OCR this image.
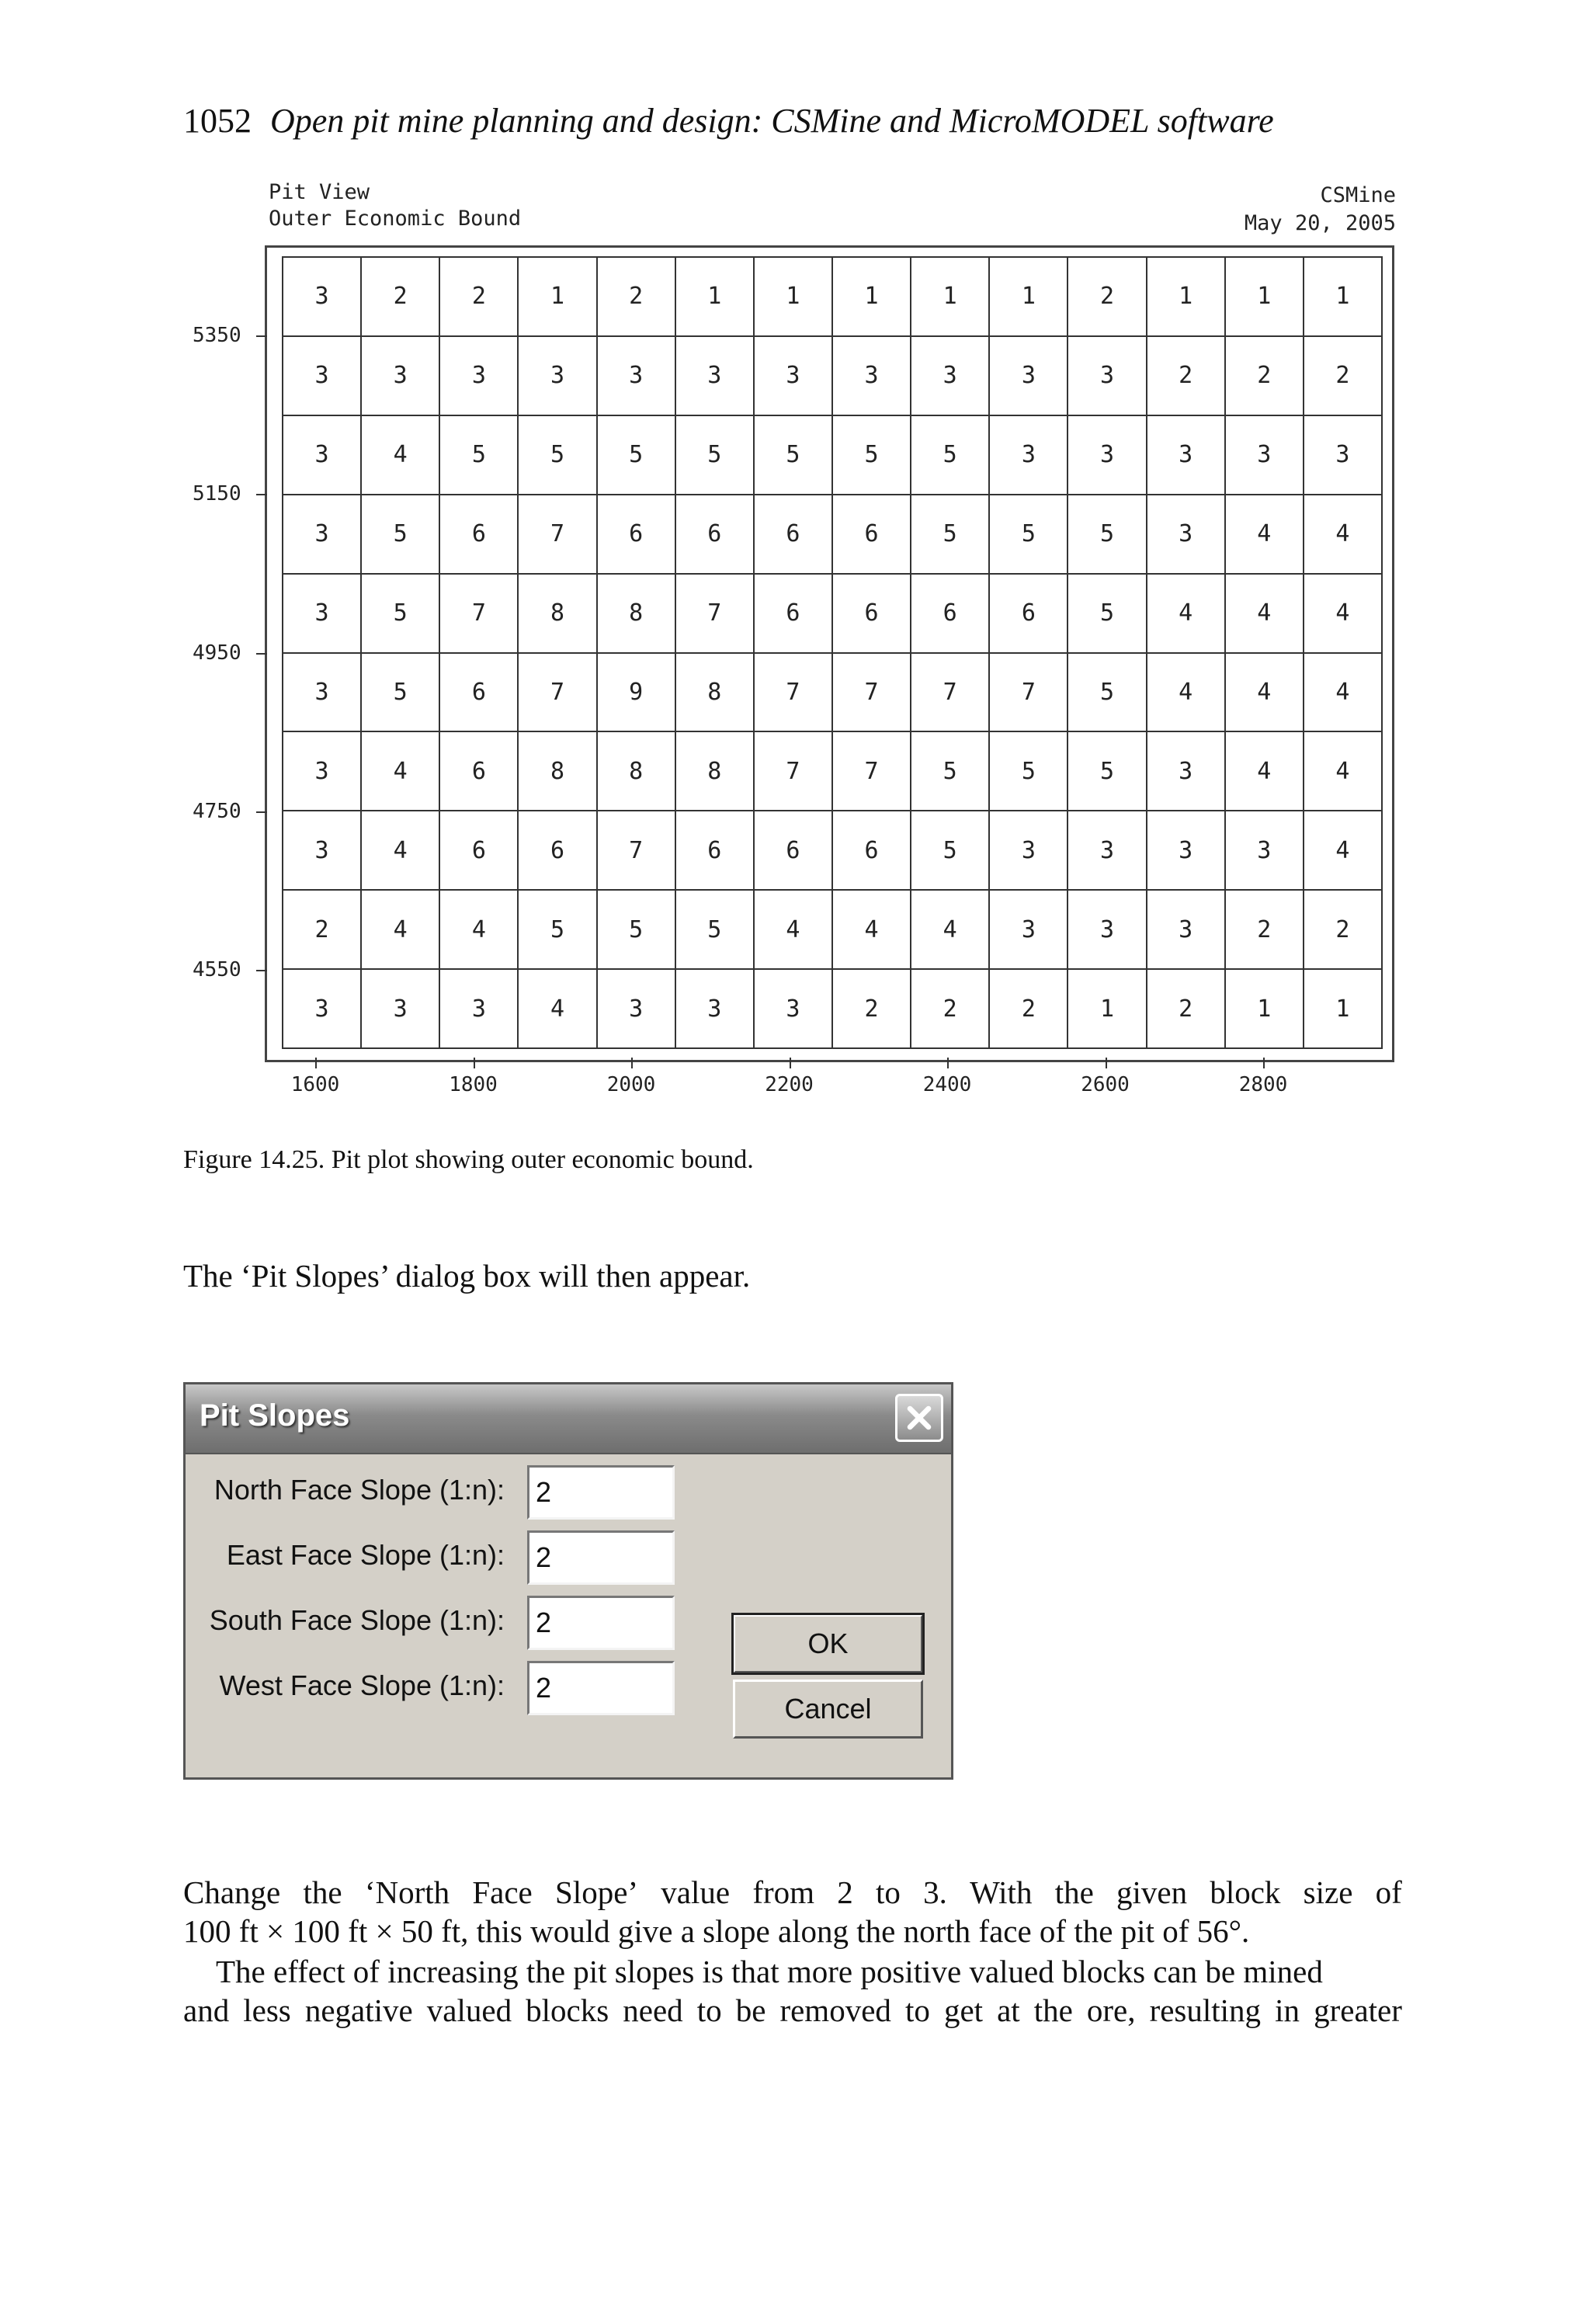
1052 Open pit mine planning and design: CSMine and MicroMODEL software
Pit View
Outer Economic Bound
CSMine
May 20, 2005
3	2	2	1	2	1	1	1	1	1	2	1	1	1
3	3	3	3	3	3	3	3	3	3	3	2	2	2
3	4	5	5	5	5	5	5	5	3	3	3	3	3
3	5	6	7	6	6	6	6	5	5	5	3	4	4
3	5	7	8	8	7	6	6	6	6	5	4	4	4
3	5	6	7	9	8	7	7	7	7	5	4	4	4
3	4	6	8	8	8	7	7	5	5	5	3	4	4
3	4	6	6	7	6	6	6	5	3	3	3	3	4
2	4	4	5	5	5	4	4	4	3	3	3	2	2
3	3	3	4	3	3	3	2	2	2	1	2	1	1
5350
5150
4950
4750
4550
1600	1800	2000	2200	2400	2600	2800
Figure 14.25. Pit plot showing outer economic bound.
The ‘Pit Slopes’ dialog box will then appear.
Pit Slopes
North Face Slope (1:n):
2
East Face Slope (1:n):
2
South Face Slope (1:n):
2
West Face Slope (1:n):
2
OK
Cancel
Change the ‘North Face Slope’ value from 2 to 3. With the given block size of
100 ft × 100 ft × 50 ft, this would give a slope along the north face of the pit of 56°.
The effect of increasing the pit slopes is that more positive valued blocks can be mined
and less negative valued blocks need to be removed to get at the ore, resulting in greater
